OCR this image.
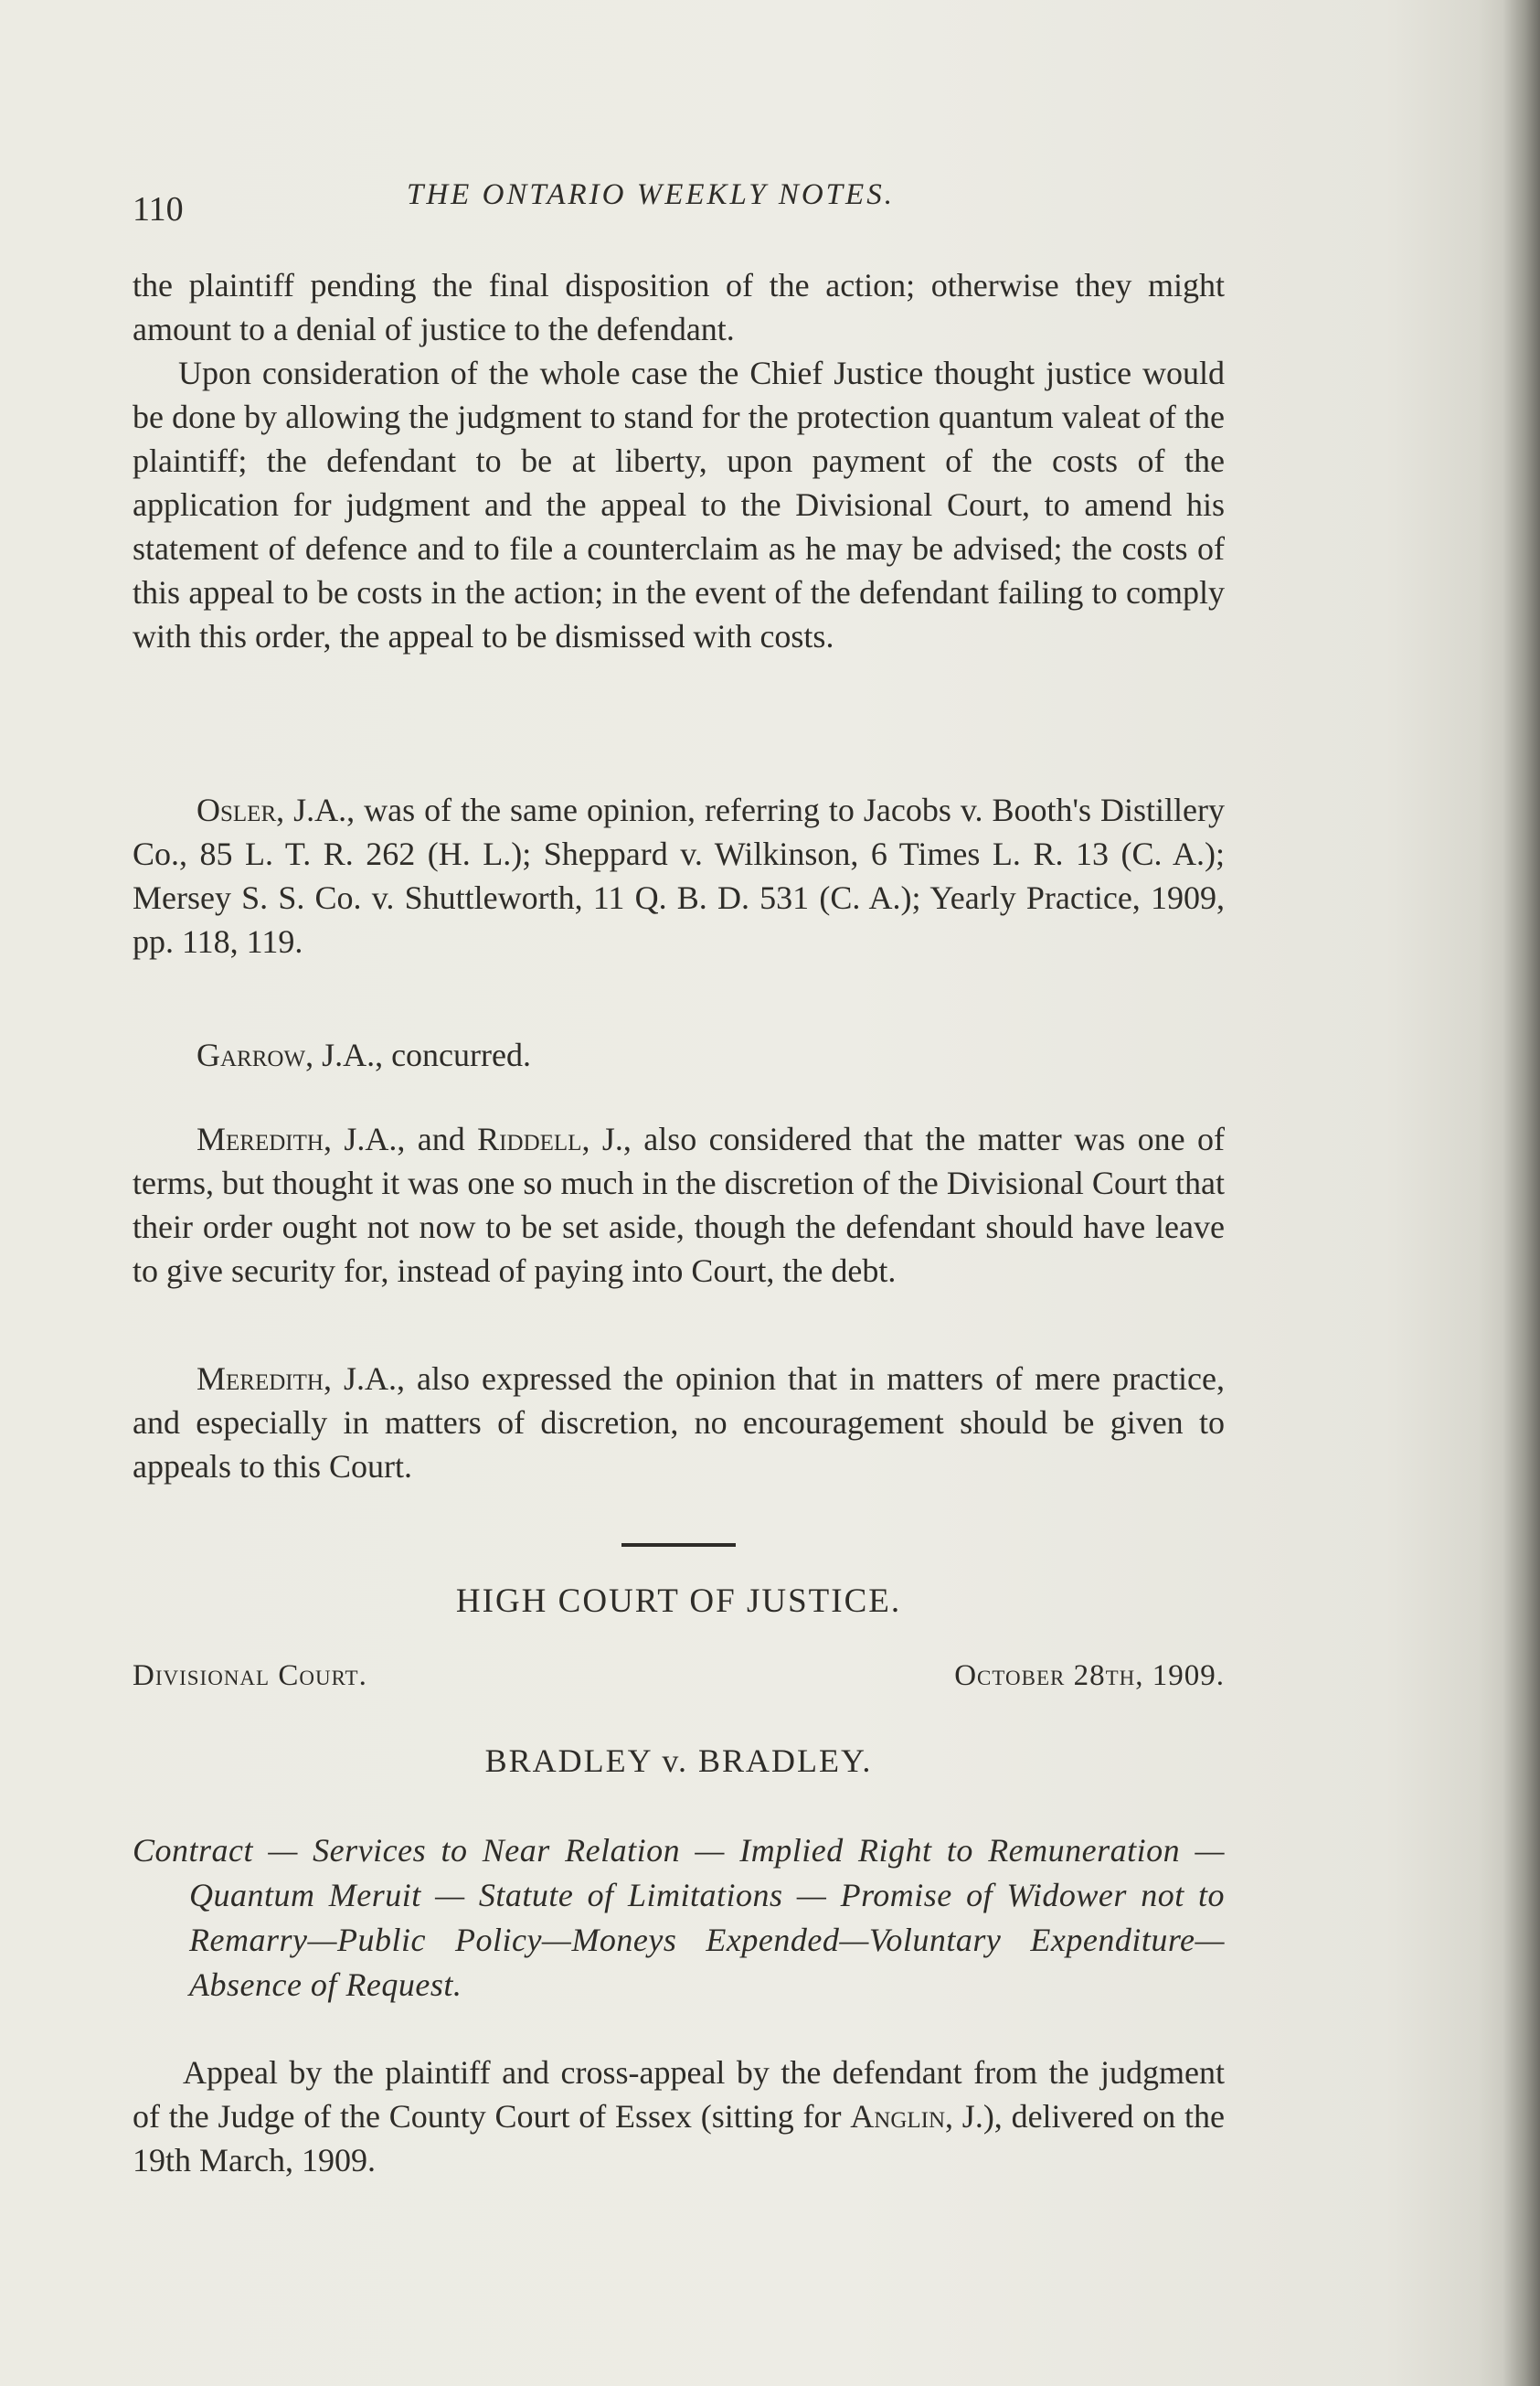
110	THE ONTARIO WEEKLY NOTES.

the plaintiff pending the final disposition of the action; otherwise they might amount to a denial of justice to the defendant.

Upon consideration of the whole case the Chief Justice thought justice would be done by allowing the judgment to stand for the protection quantum valeat of the plaintiff; the defendant to be at liberty, upon payment of the costs of the application for judgment and the appeal to the Divisional Court, to amend his statement of defence and to file a counterclaim as he may be advised; the costs of this appeal to be costs in the action; in the event of the defendant failing to comply with this order, the appeal to be dismissed with costs.

Osler, J.A., was of the same opinion, referring to Jacobs v. Booth's Distillery Co., 85 L. T. R. 262 (H. L.); Sheppard v. Wilkinson, 6 Times L. R. 13 (C. A.); Mersey S. S. Co. v. Shuttleworth, 11 Q. B. D. 531 (C. A.); Yearly Practice, 1909, pp. 118, 119.

Garrow, J.A., concurred.

Meredith, J.A., and Riddell, J., also considered that the matter was one of terms, but thought it was one so much in the discretion of the Divisional Court that their order ought not now to be set aside, though the defendant should have leave to give security for, instead of paying into Court, the debt.

Meredith, J.A., also expressed the opinion that in matters of mere practice, and especially in matters of discretion, no encouragement should be given to appeals to this Court.

HIGH COURT OF JUSTICE.
Divisional Court.	October 28th, 1909.
BRADLEY v. BRADLEY.

Contract — Services to Near Relation — Implied Right to Remuneration — Quantum Meruit — Statute of Limitations — Promise of Widower not to Remarry—Public Policy—Moneys Expended—Voluntary Expenditure—Absence of Request.

Appeal by the plaintiff and cross-appeal by the defendant from the judgment of the Judge of the County Court of Essex (sitting for Anglin, J.), delivered on the 19th March, 1909.
